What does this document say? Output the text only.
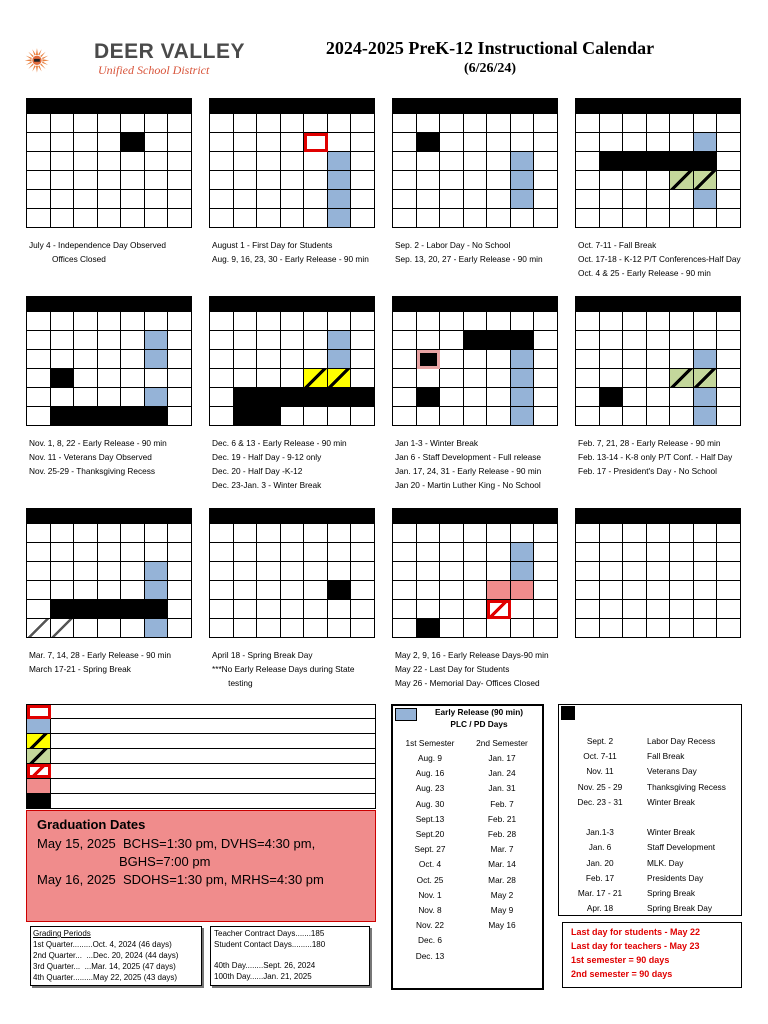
DEER VALLEY
Unified School District
2024-2025 PreK-12 Instructional Calendar
(6/26/24)
Graduation Dates
May 15, 2025  BCHS=1:30 pm, DVHS=4:30 pm,
BGHS=7:00 pm
May 16, 2025  SDOHS=1:30 pm, MRHS=4:30 pm
Grading Periods
1st Quarter.........Oct. 4, 2024 (46 days)
2nd Quarter...  ...Dec. 20, 2024 (44 days)
3rd Quarter...  ...Mar. 14, 2025 (47 days)
4th Quarter.........May 22, 2025 (43 days)
Teacher Contract Days.......185
Student Contact Days.........180
40th Day........Sept. 26, 2024
100th Day......Jan. 21, 2025
Early Release (90 min)
PLC / PD Days
1st Semester	2nd Semester
Aug. 9
Aug. 16
Aug. 23
Aug. 30
Sept.13
Sept.20
Sept. 27
Oct. 4
Oct. 25
Nov. 1
Nov. 8
Nov. 22
Dec. 6
Dec. 13
Jan. 17
Jan. 24
Jan. 31
Feb. 7
Feb. 21
Feb. 28
Mar. 7
Mar. 14
Mar. 28
May 2
May 9
May 16
Sept. 2
Oct. 7-11
Nov. 11
Nov. 25 - 29
Dec. 23 - 31

Jan.1-3
Jan. 6
Jan. 20
Feb. 17
Mar. 17 - 21
Apr. 18
Labor Day Recess
Fall Break
Veterans Day
Thanksgiving Recess
Winter Break

Winter Break
Staff Development
MLK. Day
Presidents Day
Spring Break
Spring Break Day
Last day for students - May 22
Last day for teachers - May 23
1st semester = 90 days
2nd semester = 90 days
July 4 - Independence Day Observed
Offices Closed
August 1 - First Day for Students
Aug. 9, 16, 23, 30 - Early Release - 90 min
Sep. 2 - Labor Day - No School
Sep. 13, 20, 27 - Early Release - 90 min
Oct. 7-11 - Fall Break
Oct. 17-18 - K-12 P/T Conferences-Half Day
Oct. 4 & 25 - Early Release - 90 min
Nov. 1, 8, 22 - Early Release - 90 min
Nov. 11 - Veterans Day Observed
Nov. 25-29 - Thanksgiving Recess
Dec. 6 & 13 - Early Release - 90 min
Dec. 19 - Half Day - 9-12 only
Dec. 20 - Half Day -K-12
Dec. 23-Jan. 3 - Winter Break
Jan 1-3 - Winter Break
Jan 6 - Staff Development - Full release
Jan. 17, 24, 31 - Early Release - 90 min
Jan 20 - Martin Luther King - No School
Feb. 7, 21, 28 - Early Release - 90 min
Feb. 13-14 - K-8 only P/T Conf. - Half Day
Feb. 17 - President's Day - No School
Mar. 7, 14, 28 - Early Release - 90 min
March 17-21 - Spring Break
April 18 - Spring Break Day
***No Early Release Days during State
testing
May 2, 9, 16 - Early Release Days-90 min
May 22 - Last Day for Students
May 26 - Memorial Day- Offices Closed
